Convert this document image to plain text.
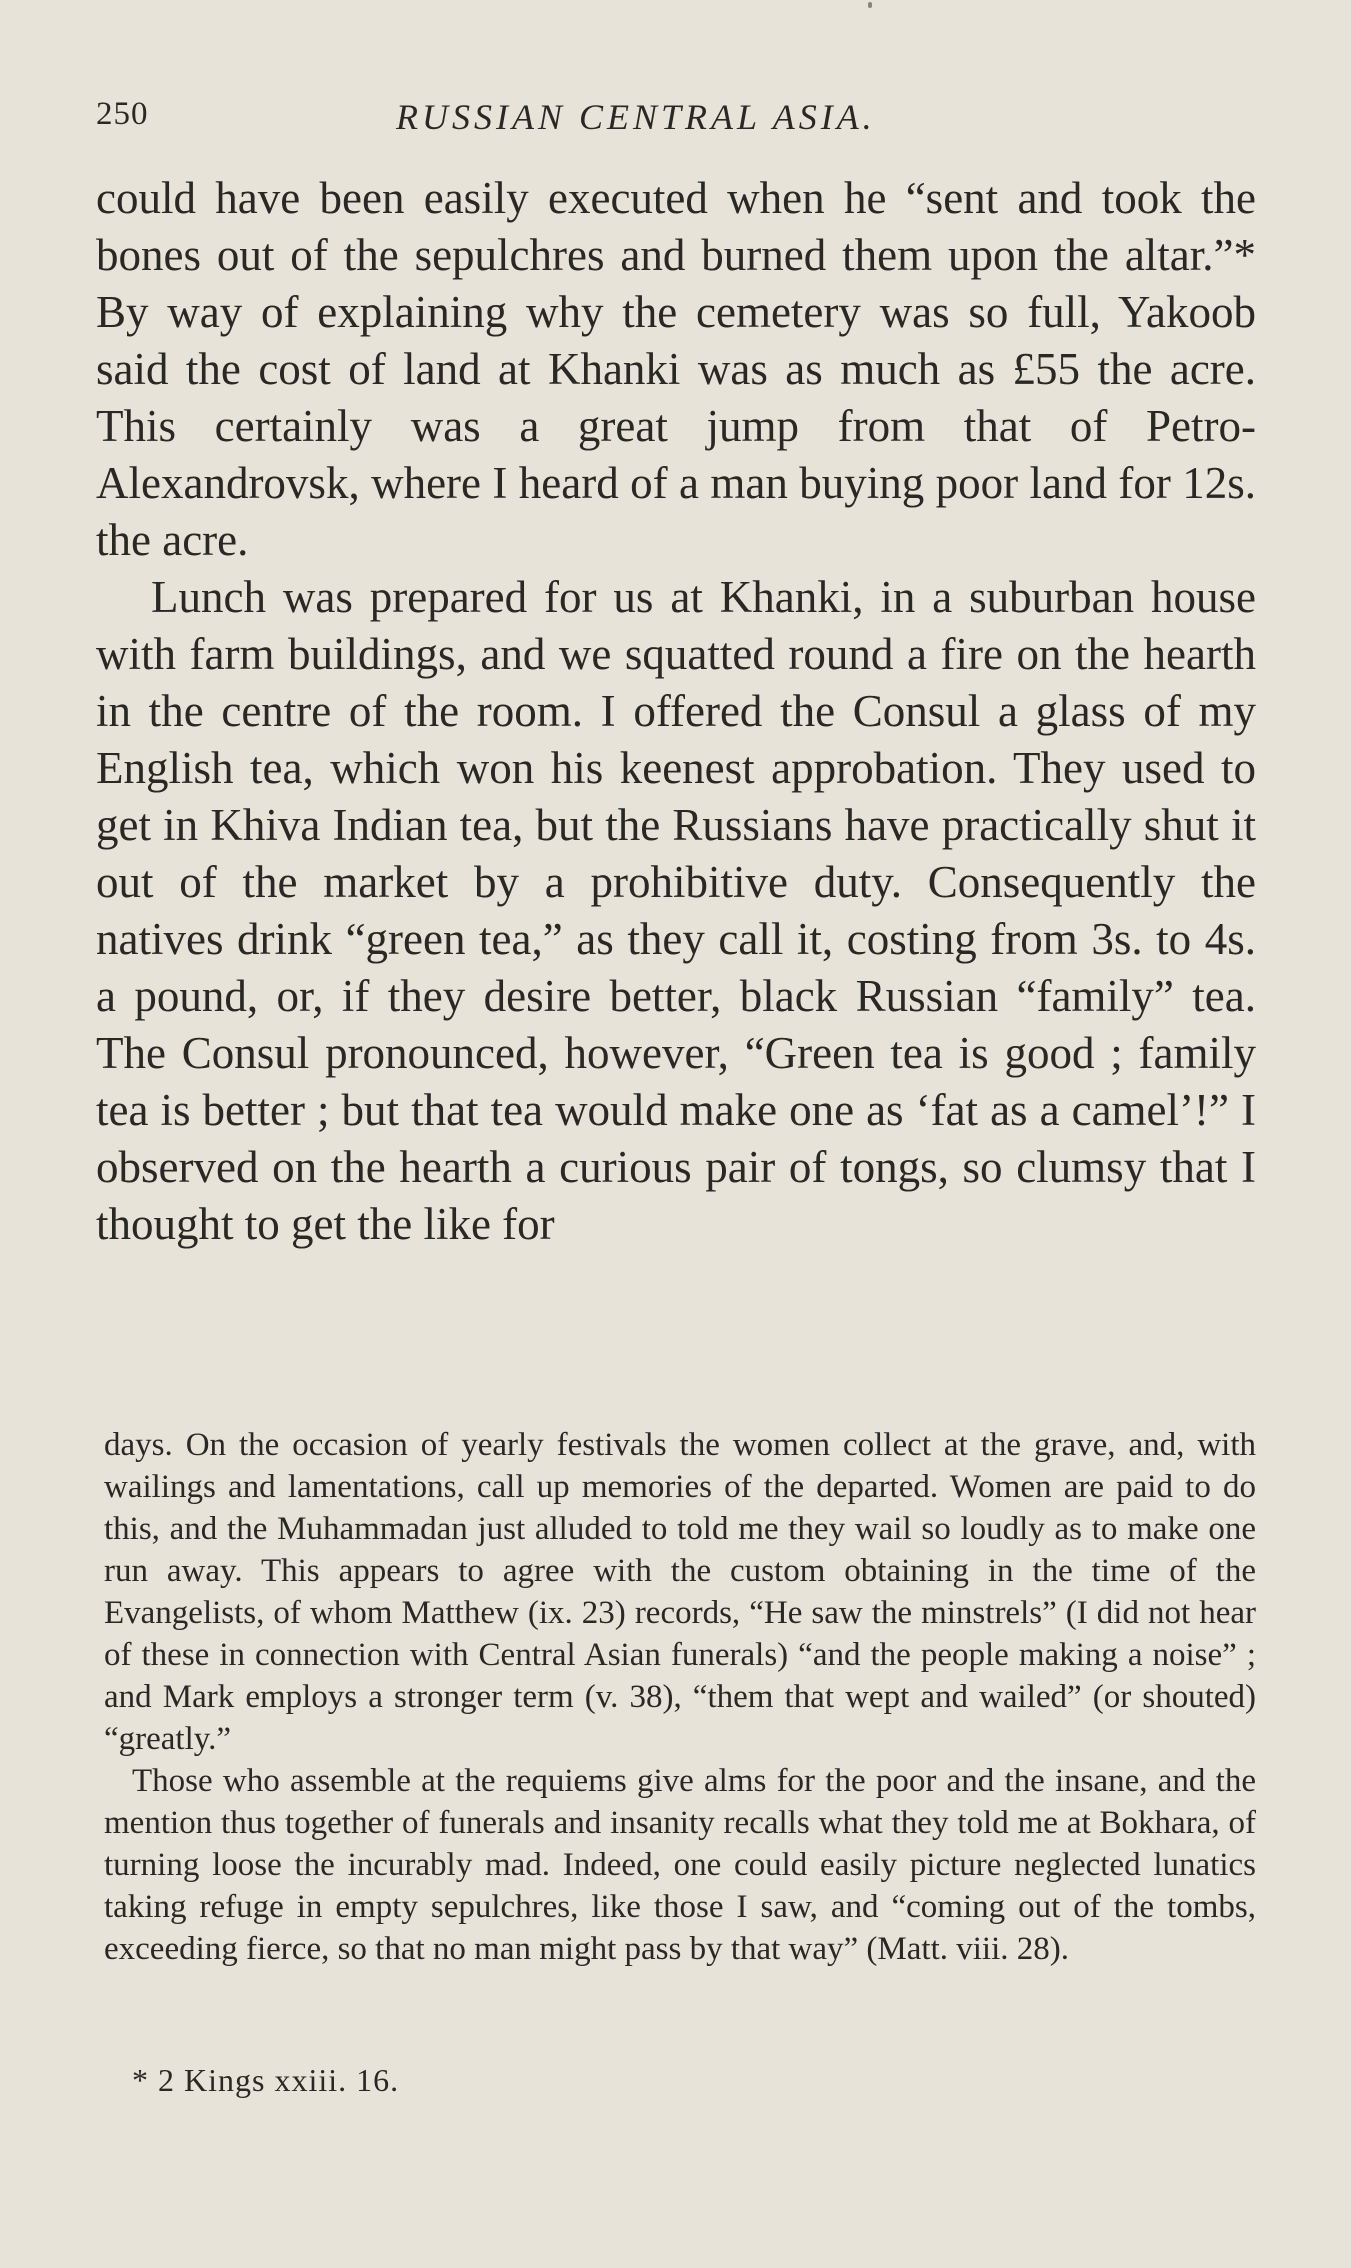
250	RUSSIAN CENTRAL ASIA.

could have been easily executed when he “sent and took the bones out of the sepulchres and burned them upon the altar.”* By way of explaining why the cemetery was so full, Yakoob said the cost of land at Khanki was as much as £55 the acre. This certainly was a great jump from that of Petro-Alexandrovsk, where I heard of a man buying poor land for 12s. the acre.

Lunch was prepared for us at Khanki, in a suburban house with farm buildings, and we squatted round a fire on the hearth in the centre of the room. I offered the Consul a glass of my English tea, which won his keenest approbation. They used to get in Khiva Indian tea, but the Russians have practically shut it out of the market by a prohibitive duty. Consequently the natives drink “green tea,” as they call it, costing from 3s. to 4s. a pound, or, if they desire better, black Russian “family” tea. The Consul pronounced, however, “Green tea is good ; family tea is better ; but that tea would make one as ‘fat as a camel’!” I observed on the hearth a curious pair of tongs, so clumsy that I thought to get the like for

days. On the occasion of yearly festivals the women collect at the grave, and, with wailings and lamentations, call up memories of the departed. Women are paid to do this, and the Muhammadan just alluded to told me they wail so loudly as to make one run away. This appears to agree with the custom obtaining in the time of the Evangelists, of whom Matthew (ix. 23) records, “He saw the minstrels” (I did not hear of these in connection with Central Asian funerals) “and the people making a noise” ; and Mark employs a stronger term (v. 38), “them that wept and wailed” (or shouted) “greatly.”

Those who assemble at the requiems give alms for the poor and the insane, and the mention thus together of funerals and insanity recalls what they told me at Bokhara, of turning loose the incurably mad. Indeed, one could easily picture neglected lunatics taking refuge in empty sepulchres, like those I saw, and “coming out of the tombs, exceeding fierce, so that no man might pass by that way” (Matt. viii. 28).

* 2 Kings xxiii. 16.
